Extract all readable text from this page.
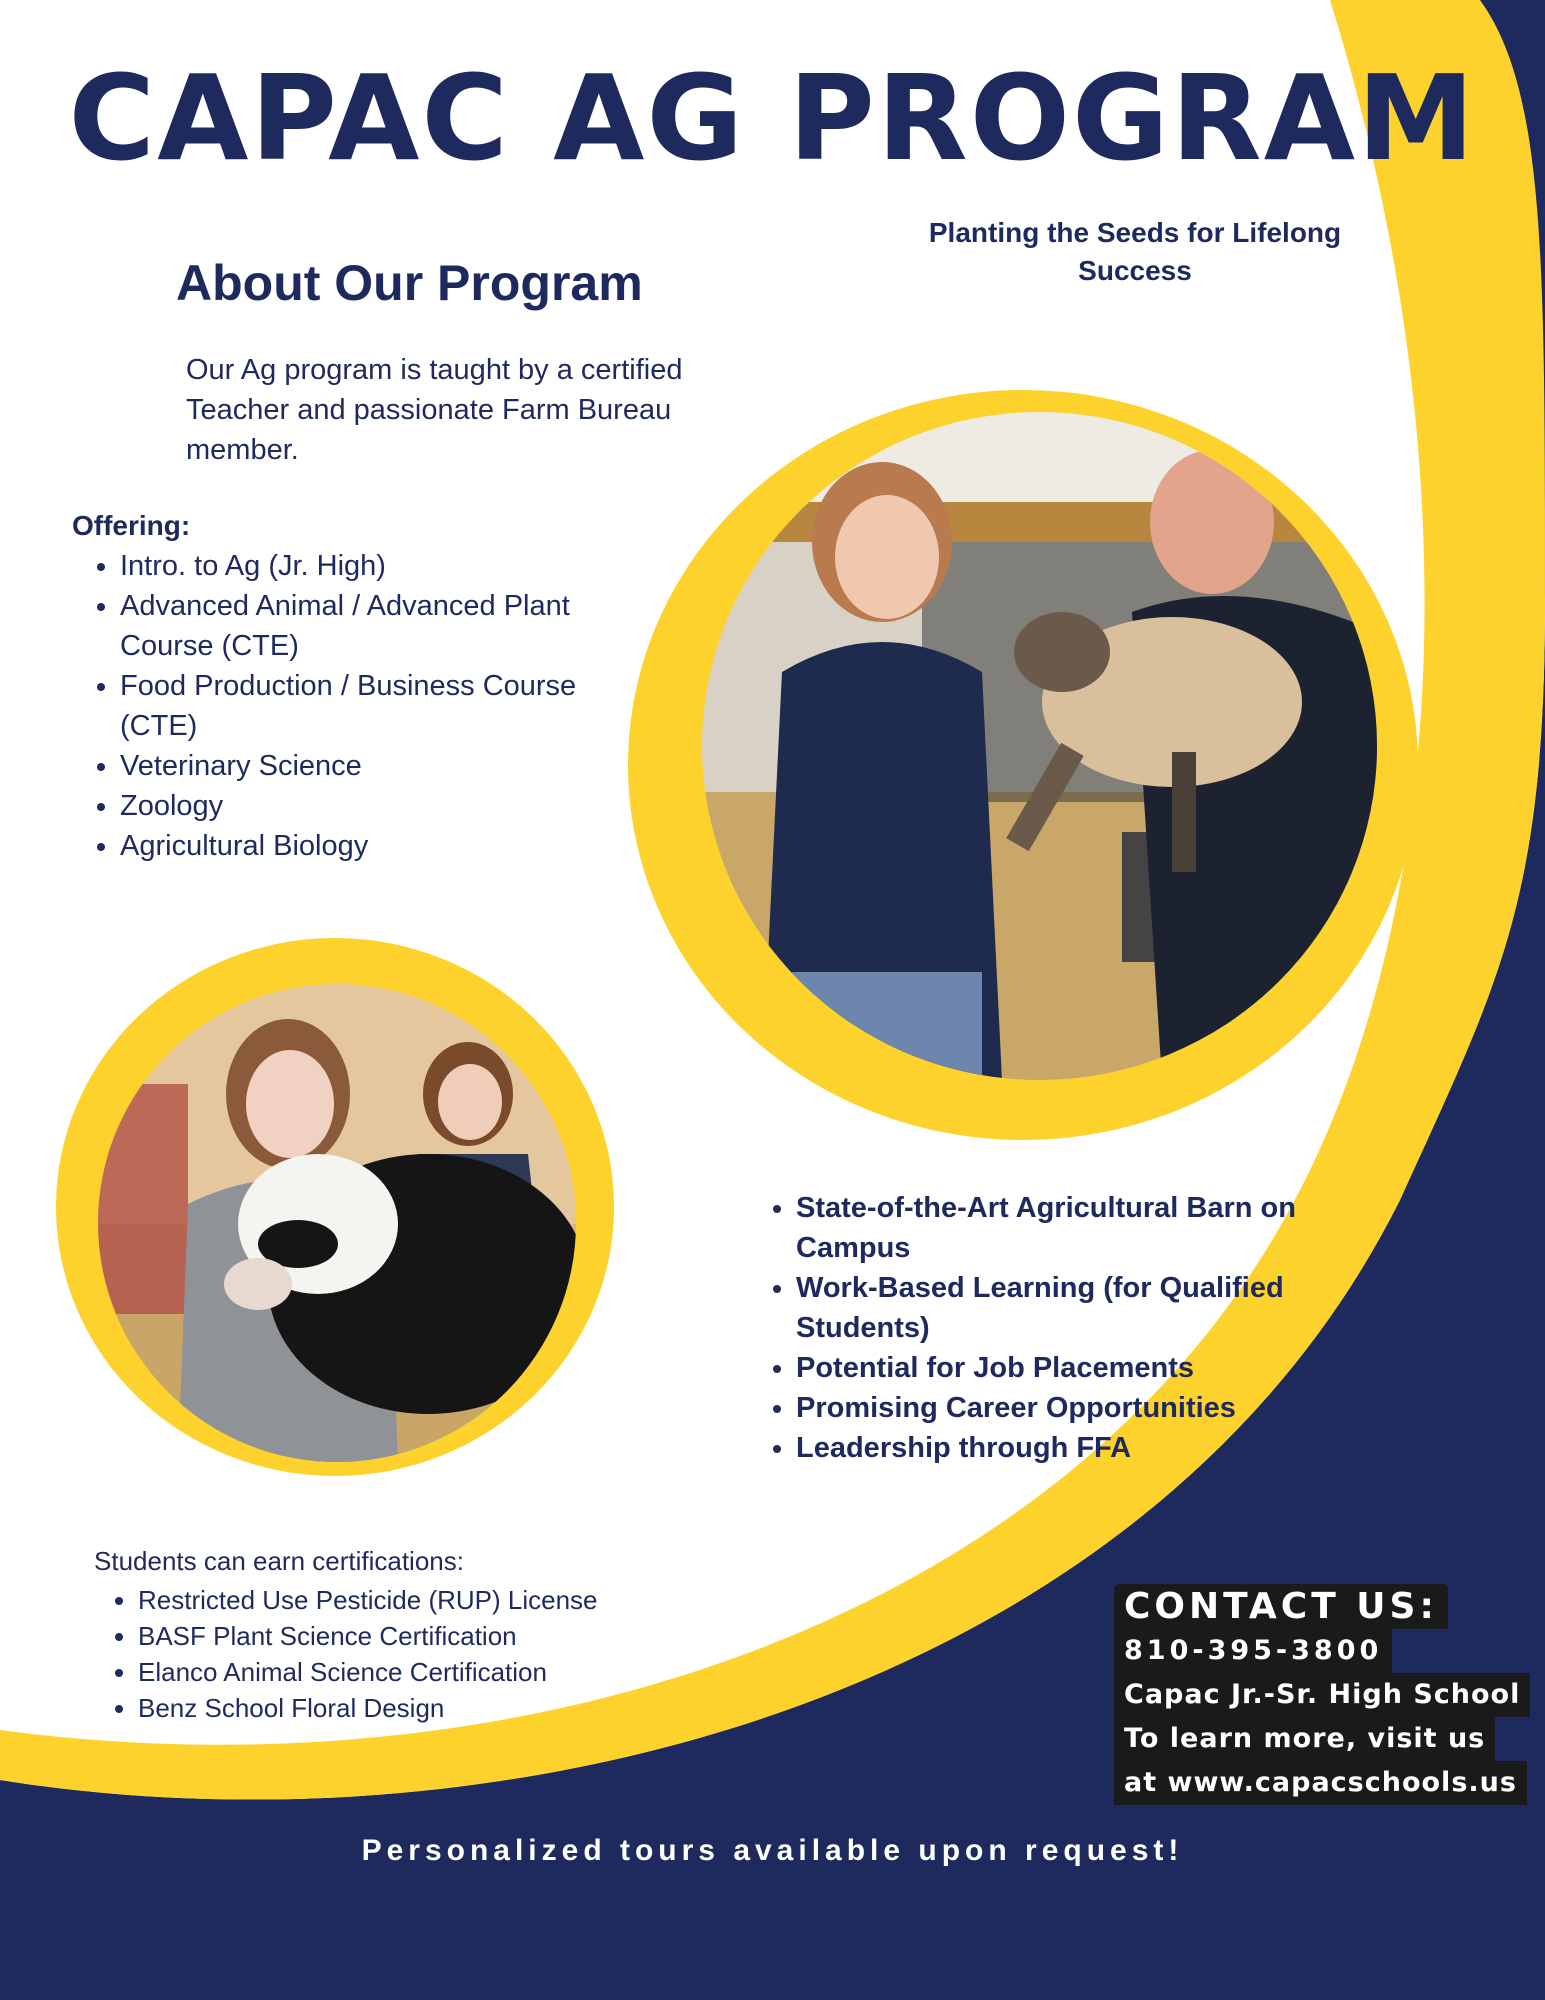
CAPAC AG PROGRAM
Planting the Seeds for Lifelong Success
About Our Program
Our Ag program is taught by a certified Teacher and passionate Farm Bureau member.
Offering:
• Intro. to Ag (Jr. High)
• Advanced Animal / Advanced Plant Course (CTE)
• Food Production / Business Course (CTE)
• Veterinary Science
• Zoology
• Agricultural Biology
• State-of-the-Art Agricultural Barn on Campus
• Work-Based Learning (for Qualified Students)
• Potential for Job Placements
• Promising Career Opportunities
• Leadership through FFA
Students can earn certifications:
• Restricted Use Pesticide (RUP) License
• BASF Plant Science Certification
• Elanco Animal Science Certification
• Benz School Floral Design
CONTACT US:
810-395-3800
Capac Jr.-Sr. High School
To learn more, visit us
at www.capacschools.us
Personalized tours available upon request!
